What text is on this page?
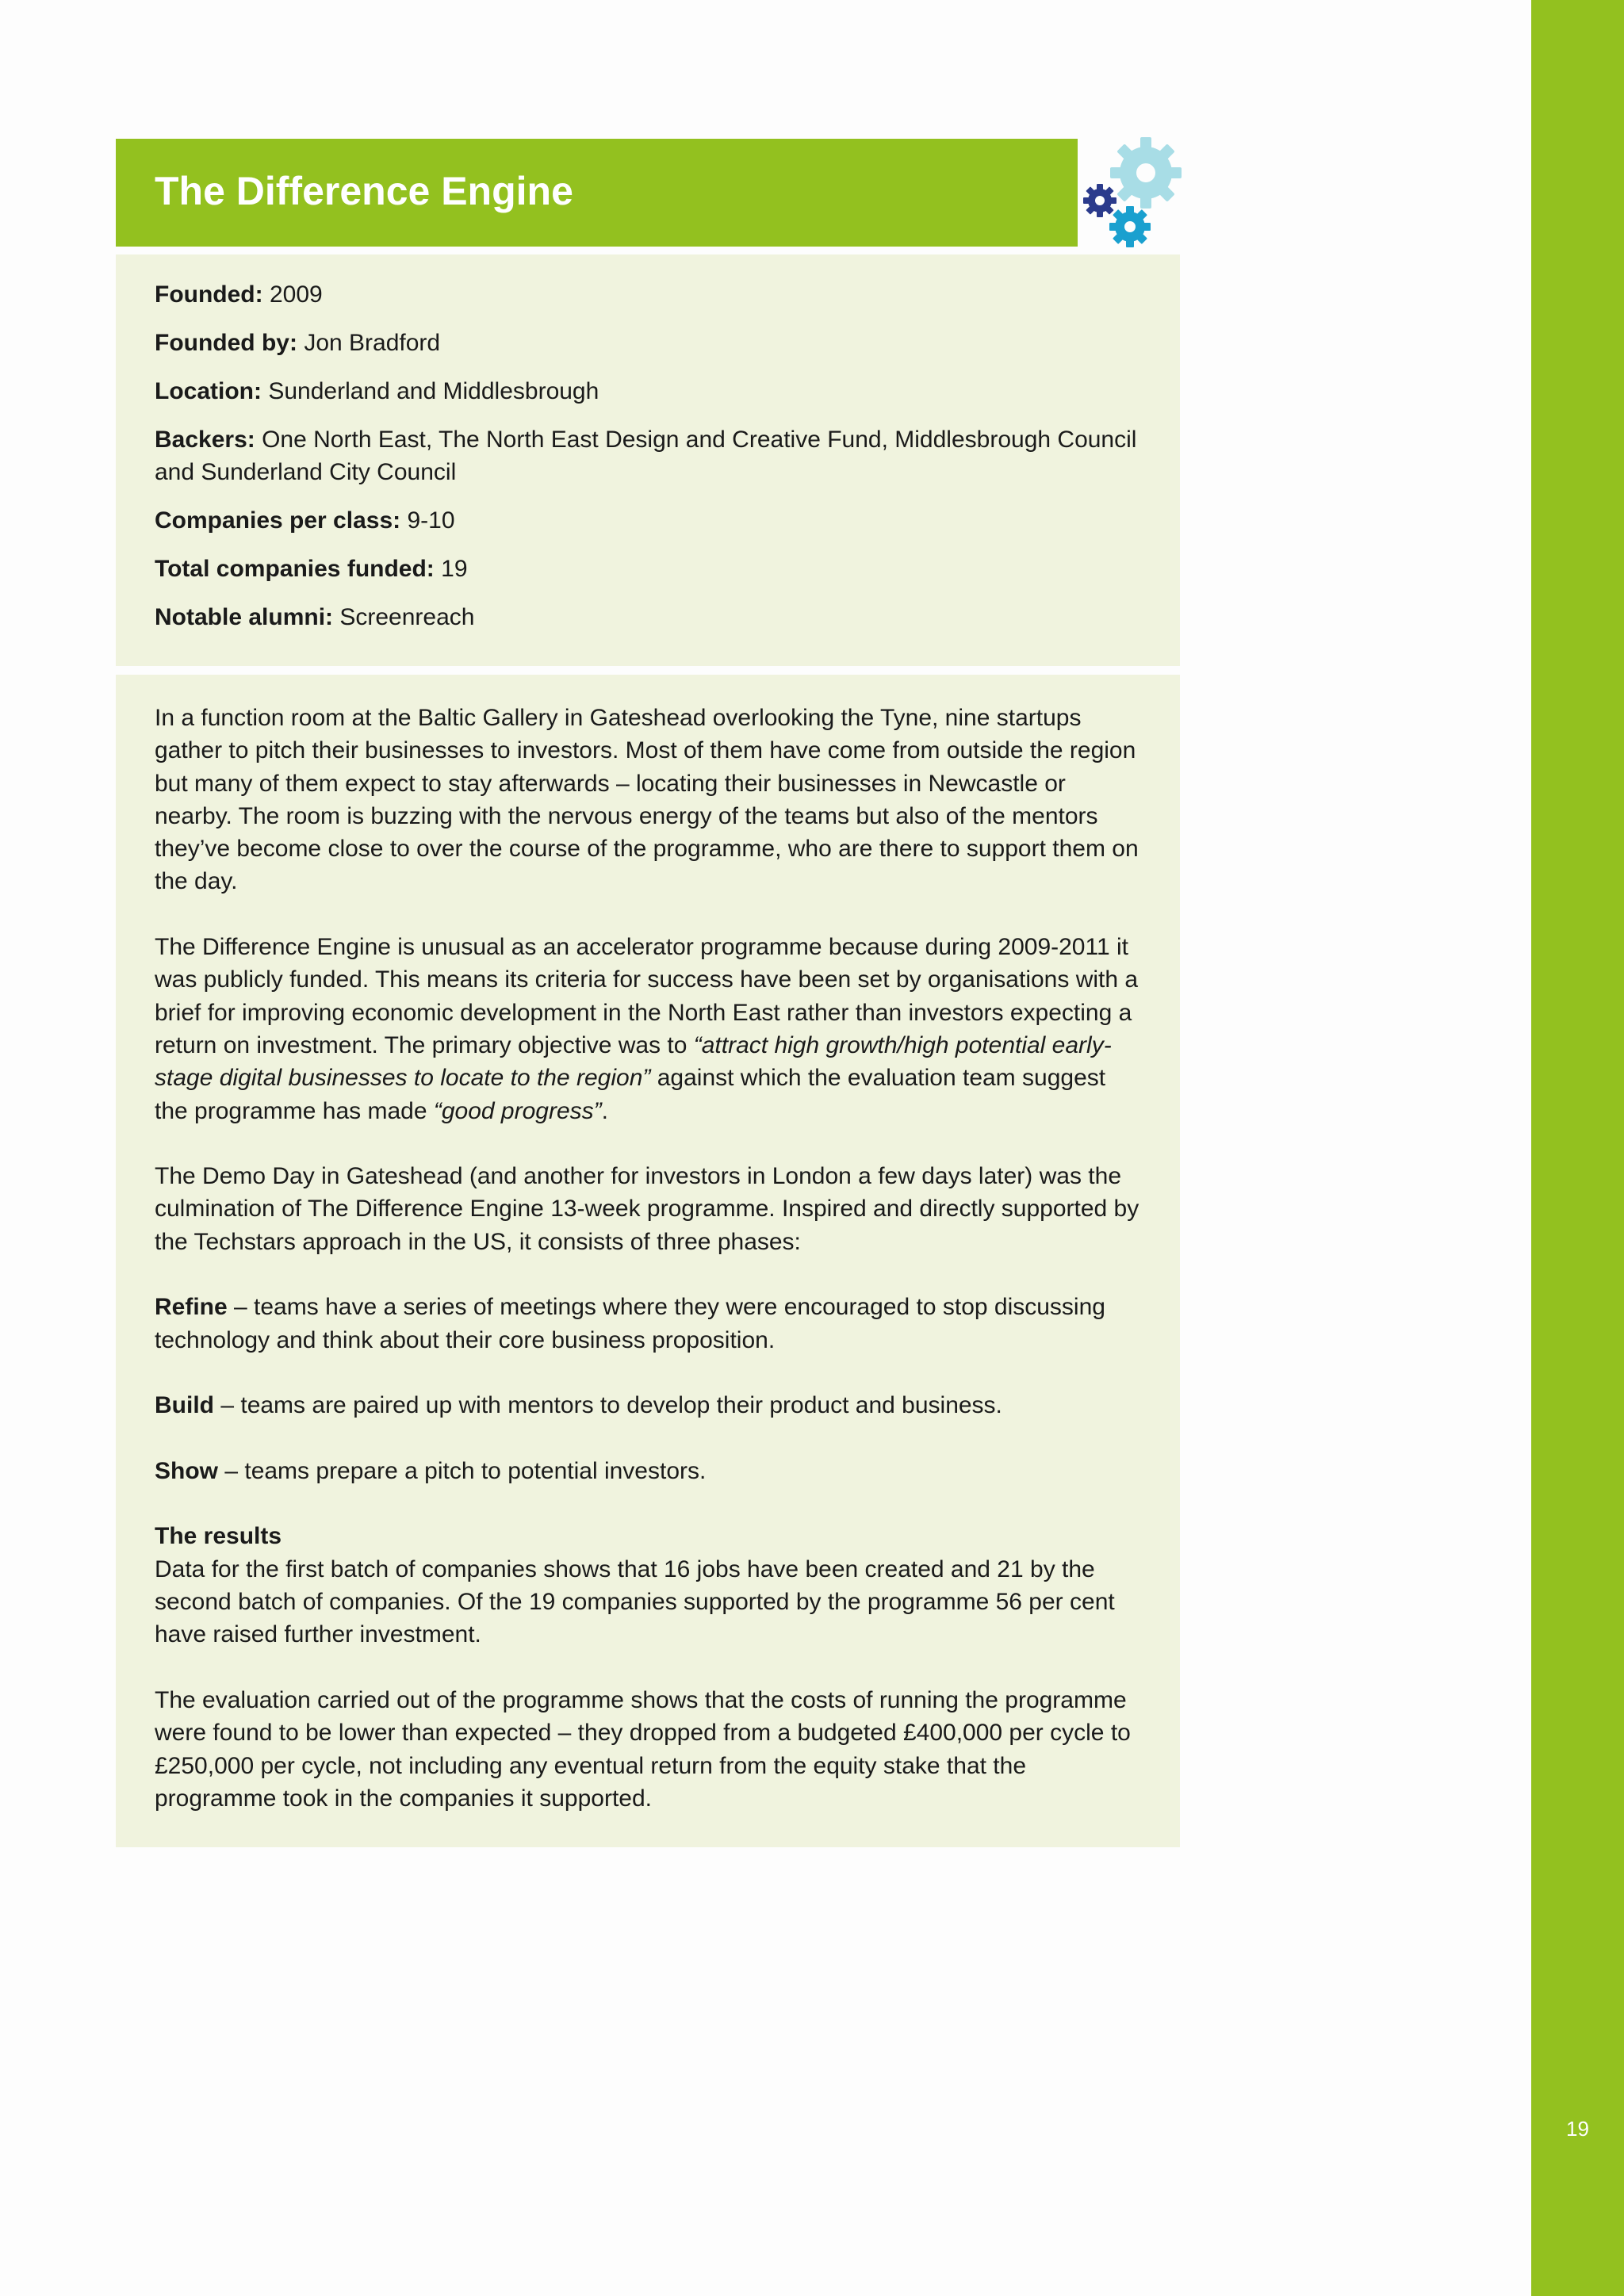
19
The Difference Engine

Founded: 2009

Founded by: Jon Bradford

Location: Sunderland and Middlesbrough

Backers: One North East, The North East Design and Creative Fund, Middlesbrough Council and Sunderland City Council

Companies per class: 9-10

Total companies funded: 19

Notable alumni: Screenreach

In a function room at the Baltic Gallery in Gateshead overlooking the Tyne, nine startups gather to pitch their businesses to investors. Most of them have come from outside the region but many of them expect to stay afterwards – locating their businesses in Newcastle or nearby. The room is buzzing with the nervous energy of the teams but also of the mentors they’ve become close to over the course of the programme, who are there to support them on the day.

The Difference Engine is unusual as an accelerator programme because during 2009-2011 it was publicly funded. This means its criteria for success have been set by organisations with a brief for improving economic development in the North East rather than investors expecting a return on investment. The primary objective was to “attract high growth/high potential early-stage digital businesses to locate to the region” against which the evaluation team suggest the programme has made “good progress”.

The Demo Day in Gateshead (and another for investors in London a few days later) was the culmination of The Difference Engine 13-week programme. Inspired and directly supported by the Techstars approach in the US, it consists of three phases:

Refine – teams have a series of meetings where they were encouraged to stop discussing technology and think about their core business proposition.

Build – teams are paired up with mentors to develop their product and business.

Show – teams prepare a pitch to potential investors.

The results
Data for the first batch of companies shows that 16 jobs have been created and 21 by the second batch of companies. Of the 19 companies supported by the programme 56 per cent have raised further investment.

The evaluation carried out of the programme shows that the costs of running the programme were found to be lower than expected – they dropped from a budgeted £400,000 per cycle to £250,000 per cycle, not including any eventual return from the equity stake that the programme took in the companies it supported.
